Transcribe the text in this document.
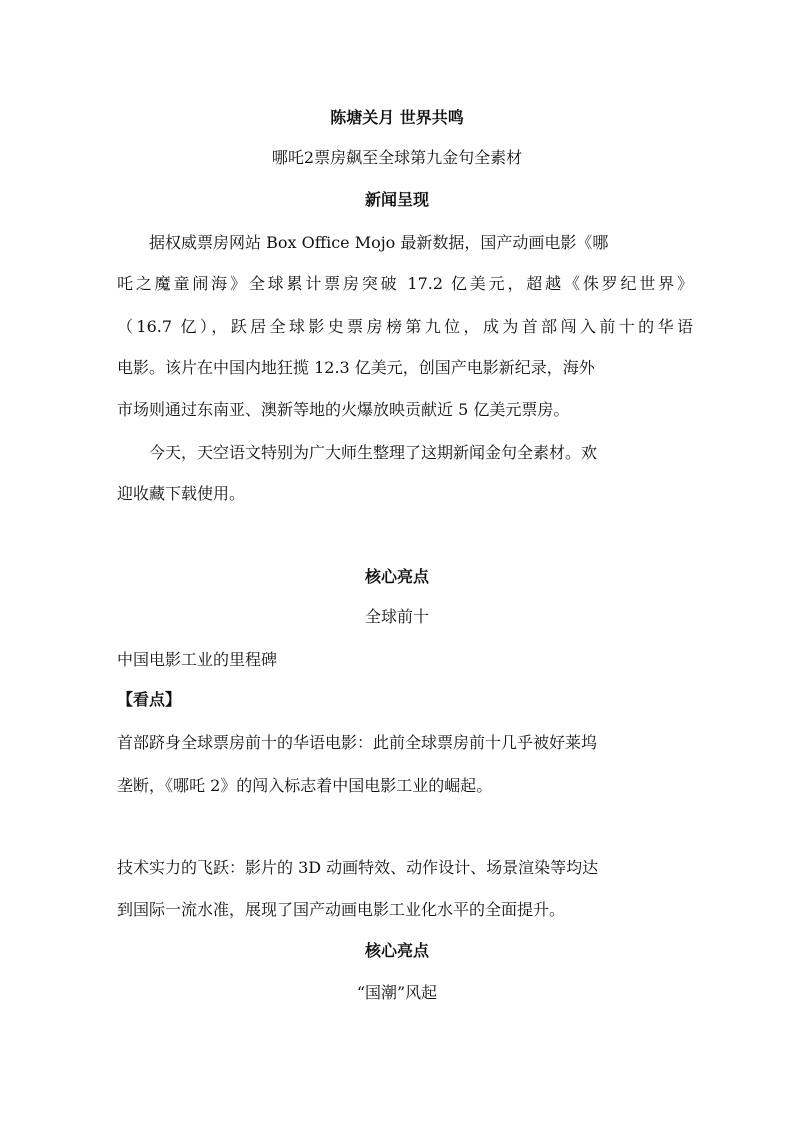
陈塘关月 世界共鸣
哪吒2票房飙至全球第九金句全素材
新闻呈现
据权威票房网站 Box Office Mojo 最新数据，国产动画电影《哪
吒之魔童闹海》全球累计票房突破 17.2 亿美元，超越《侏罗纪世界》
（16.7 亿），跃居全球影史票房榜第九位，成为首部闯入前十的华语
电影。该片在中国内地狂揽 12.3 亿美元，创国产电影新纪录，海外
市场则通过东南亚、澳新等地的火爆放映贡献近 5 亿美元票房。
今天，天空语文特别为广大师生整理了这期新闻金句全素材。欢
迎收藏下载使用。
核心亮点
全球前十
中国电影工业的里程碑
【看点】
首部跻身全球票房前十的华语电影：此前全球票房前十几乎被好莱坞
垄断，《哪吒 2》的闯入标志着中国电影工业的崛起。
技术实力的飞跃：影片的 3D 动画特效、动作设计、场景渲染等均达
到国际一流水准，展现了国产动画电影工业化水平的全面提升。
核心亮点
“国潮”风起
